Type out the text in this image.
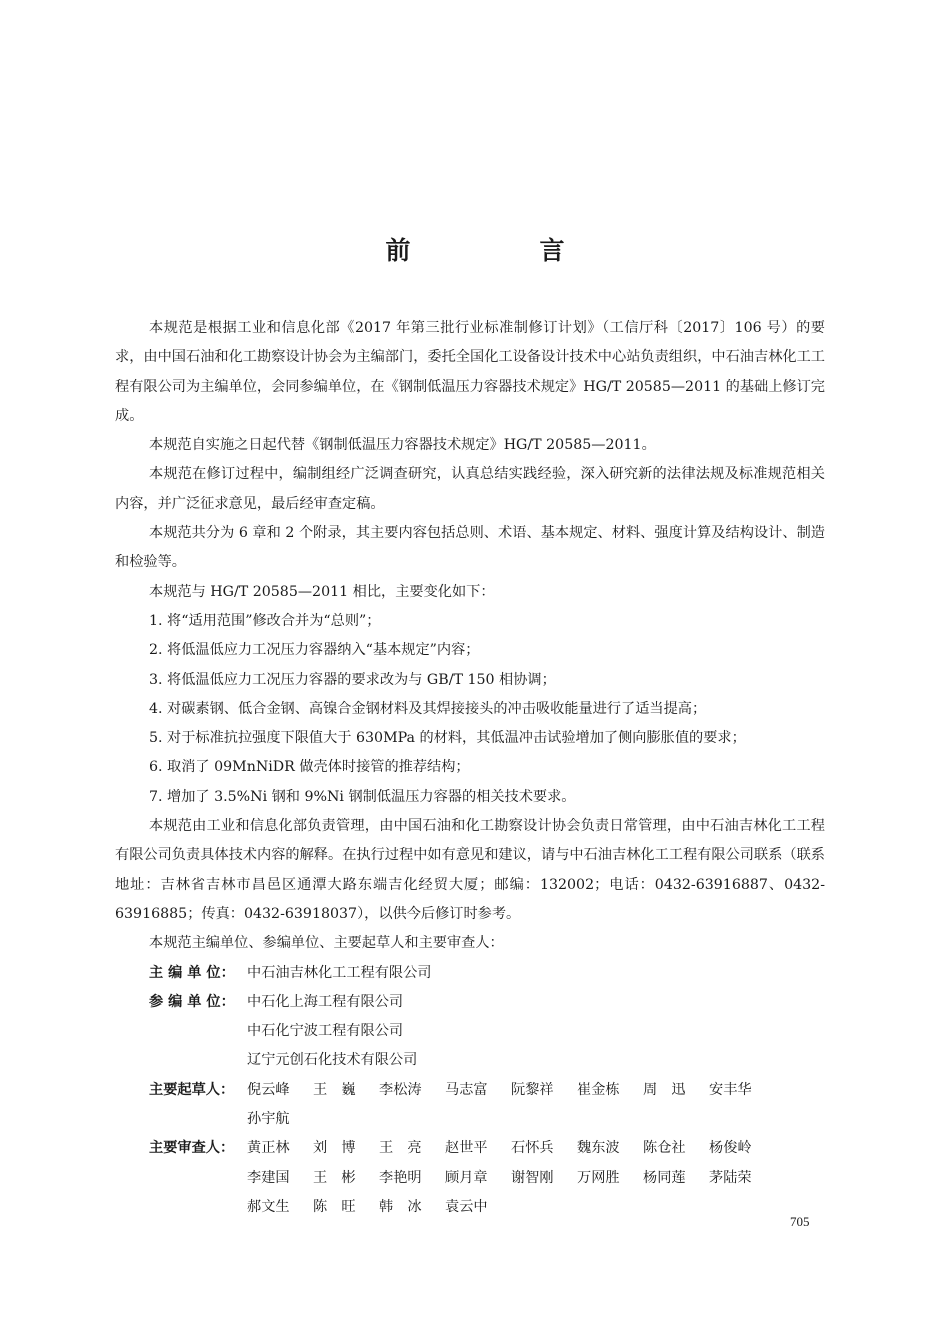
前　言

本规范是根据工业和信息化部《2017 年第三批行业标准制修订计划》（工信厅科〔2017〕106 号）的要求，由中国石油和化工勘察设计协会为主编部门，委托全国化工设备设计技术中心站负责组织，中石油吉林化工工程有限公司为主编单位，会同参编单位，在《钢制低温压力容器技术规定》HG/T 20585—2011 的基础上修订完成。

本规范自实施之日起代替《钢制低温压力容器技术规定》HG/T 20585—2011。

本规范在修订过程中，编制组经广泛调查研究，认真总结实践经验，深入研究新的法律法规及标准规范相关内容，并广泛征求意见，最后经审查定稿。

本规范共分为 6 章和 2 个附录，其主要内容包括总则、术语、基本规定、材料、强度计算及结构设计、制造和检验等。

本规范与 HG/T 20585—2011 相比，主要变化如下：

1. 将“适用范围”修改合并为“总则”；

2. 将低温低应力工况压力容器纳入“基本规定”内容；

3. 将低温低应力工况压力容器的要求改为与 GB/T 150 相协调；

4. 对碳素钢、低合金钢、高镍合金钢材料及其焊接接头的冲击吸收能量进行了适当提高；

5. 对于标准抗拉强度下限值大于 630MPa 的材料，其低温冲击试验增加了侧向膨胀值的要求；

6. 取消了 09MnNiDR 做壳体时接管的推荐结构；

7. 增加了 3.5%Ni 钢和 9%Ni 钢制低温压力容器的相关技术要求。

本规范由工业和信息化部负责管理，由中国石油和化工勘察设计协会负责日常管理，由中石油吉林化工工程有限公司负责具体技术内容的解释。在执行过程中如有意见和建议，请与中石油吉林化工工程有限公司联系（联系地址：吉林省吉林市昌邑区通潭大路东端吉化经贸大厦；邮编：132002；电话：0432-63916887、0432-63916885；传真：0432-63918037），以供今后修订时参考。

本规范主编单位、参编单位、主要起草人和主要审查人：

主 编 单 位： 中石油吉林化工工程有限公司

参 编 单 位： 中石化上海工程有限公司

中石化宁波工程有限公司

辽宁元创石化技术有限公司

主要起草人： 倪云峰	王　巍	李松涛	马志富	阮黎祥	崔金栋	周　迅	安丰华
孙宇航
主要审查人： 黄正林	刘　博	王　亮	赵世平	石怀兵	魏东波	陈仓社	杨俊岭
李建国	王　彬	李艳明	顾月章	谢智刚	万网胜	杨同莲	茅陆荣
郝文生	陈　旺	韩　冰	袁云中
705
